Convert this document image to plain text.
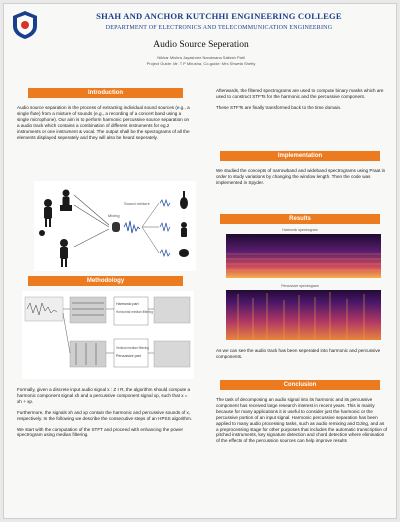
SHAH AND ANCHOR KUTCHHI ENGINEERING COLLEGE
DEPARTMENT OF ELECTRONICS AND TELECOMMUNICATION ENGINEERING
Audio Source Seperation
Nikhar Mishra Jayashree Nandwana Sailesh Patil
Project Guide: Mr. T P Mirusha, Co-guide: Mrs Shweta Shetty
Introduction
Audio source separation is the process of extracting individual sound sources (e.g., a single flute) from a mixture of sounds (e.g., a recording of a concert band using a single microphone). Our aim is to perform harmonic percussive source separation on a audio track which contains a combination of different instruments for eg.2 instruments or one instrument & vocal. The output shall be the spectograms of all the elements displayed seperately and they will also be heard seperately.
Mixing
Sound mixture
Methodology
Harmonic part
Horizontal median filtering
Vertical median filtering
Percussive part

Formally, given a discrete input audio signal x : Z I R, the algorithm should compute a harmonic component signal xh and a percussive component signal xp, such that x = xh + xp.

Furthermore, the signals xh and xp contain the harmonic and percussive sounds of x, respectively. In the following we describe the consecutive steps of an HPSS algorithm.

We start with the computation of the STFT and proceed with enhancing the power spectrogram using median filtering.

Afterwards, the filtered spectrograms are used to compute binary masks which are used to construct STFTs for the harmonic and the percussive component.

These STFTs are finally transformed back to the time domain.

Implementation
We studied the concepts of narrowband and wideband spectrograms using Praat in order to study variations by changing the window length. Then the code was implemented in Spyder.
Results
Harmonic spectrogram
Percussive spectrogram
As we can see the audio track has been seperated into harmonic and percussive components.
Conclusion
The task of decomposing an audio signal into its harmonic and its percussive component has received large research interest in recent years. This is mainly because for many applications it is useful to consider just the harmonic or the percussive portion of an input signal. Harmonic percussive separation has been applied to many audio processing tasks, such as audio remixing and DJing, and as a preprocessing stage for other purposes that includes the automatic transcription of pitched instruments, key signature detection and chord detection where elimination of the effects of the percussion sources can help improve results
